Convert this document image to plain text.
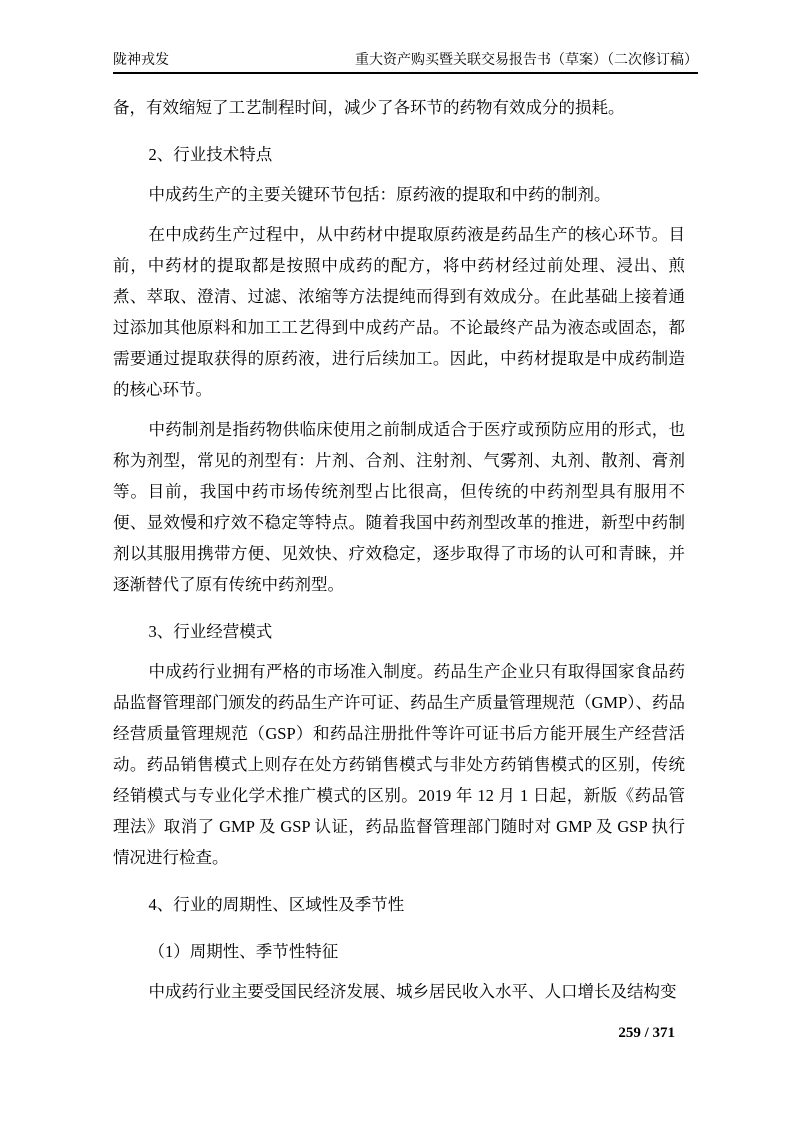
陇神戎发	重大资产购买暨关联交易报告书（草案）（二次修订稿）

备，有效缩短了工艺制程时间，减少了各环节的药物有效成分的损耗。

2、行业技术特点

中成药生产的主要关键环节包括：原药液的提取和中药的制剂。

在中成药生产过程中，从中药材中提取原药液是药品生产的核心环节。目前，中药材的提取都是按照中成药的配方，将中药材经过前处理、浸出、煎煮、萃取、澄清、过滤、浓缩等方法提纯而得到有效成分。在此基础上接着通过添加其他原料和加工工艺得到中成药产品。不论最终产品为液态或固态，都需要通过提取获得的原药液，进行后续加工。因此，中药材提取是中成药制造的核心环节。

中药制剂是指药物供临床使用之前制成适合于医疗或预防应用的形式，也称为剂型，常见的剂型有：片剂、合剂、注射剂、气雾剂、丸剂、散剂、膏剂等。目前，我国中药市场传统剂型占比很高，但传统的中药剂型具有服用不便、显效慢和疗效不稳定等特点。随着我国中药剂型改革的推进，新型中药制剂以其服用携带方便、见效快、疗效稳定，逐步取得了市场的认可和青睐，并逐渐替代了原有传统中药剂型。

3、行业经营模式

中成药行业拥有严格的市场准入制度。药品生产企业只有取得国家食品药品监督管理部门颁发的药品生产许可证、药品生产质量管理规范（GMP）、药品经营质量管理规范（GSP）和药品注册批件等许可证书后方能开展生产经营活动。药品销售模式上则存在处方药销售模式与非处方药销售模式的区别，传统经销模式与专业化学术推广模式的区别。2019 年 12 月 1 日起，新版《药品管理法》取消了 GMP 及 GSP 认证，药品监督管理部门随时对 GMP 及 GSP 执行情况进行检查。

4、行业的周期性、区域性及季节性

（1）周期性、季节性特征

中成药行业主要受国民经济发展、城乡居民收入水平、人口增长及结构变

259 / 371
